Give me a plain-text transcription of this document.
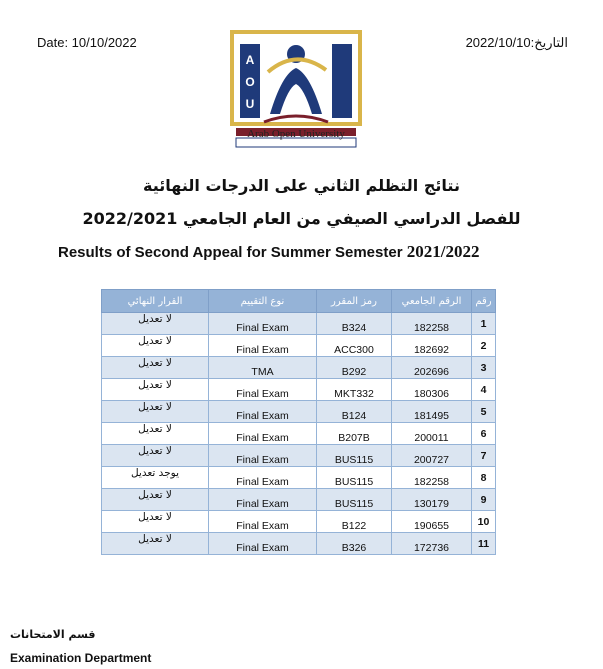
Date: 10/10/2022	التاريخ:2022/10/10
A
O
U
Arab Open University
نتائج التظلم الثاني على الدرجات النهائية
للفصل الدراسي الصيفي من العام الجامعي 2022/2021
Results of Second Appeal for Summer Semester 2021/2022
القرار النهائي	نوع التقييم	رمز المقرر	الرقم الجامعي	رقم
لا تعديل	Final Exam	B324	182258	1
لا تعديل	Final Exam	ACC300	182692	2
لا تعديل	TMA	B292	202696	3
لا تعديل	Final Exam	MKT332	180306	4
لا تعديل	Final Exam	B124	181495	5
لا تعديل	Final Exam	B207B	200011	6
لا تعديل	Final Exam	BUS115	200727	7
يوجد تعديل	Final Exam	BUS115	182258	8
لا تعديل	Final Exam	BUS115	130179	9
لا تعديل	Final Exam	B122	190655	10
لا تعديل	Final Exam	B326	172736	11
قسم الامتحانات
Examination Department
